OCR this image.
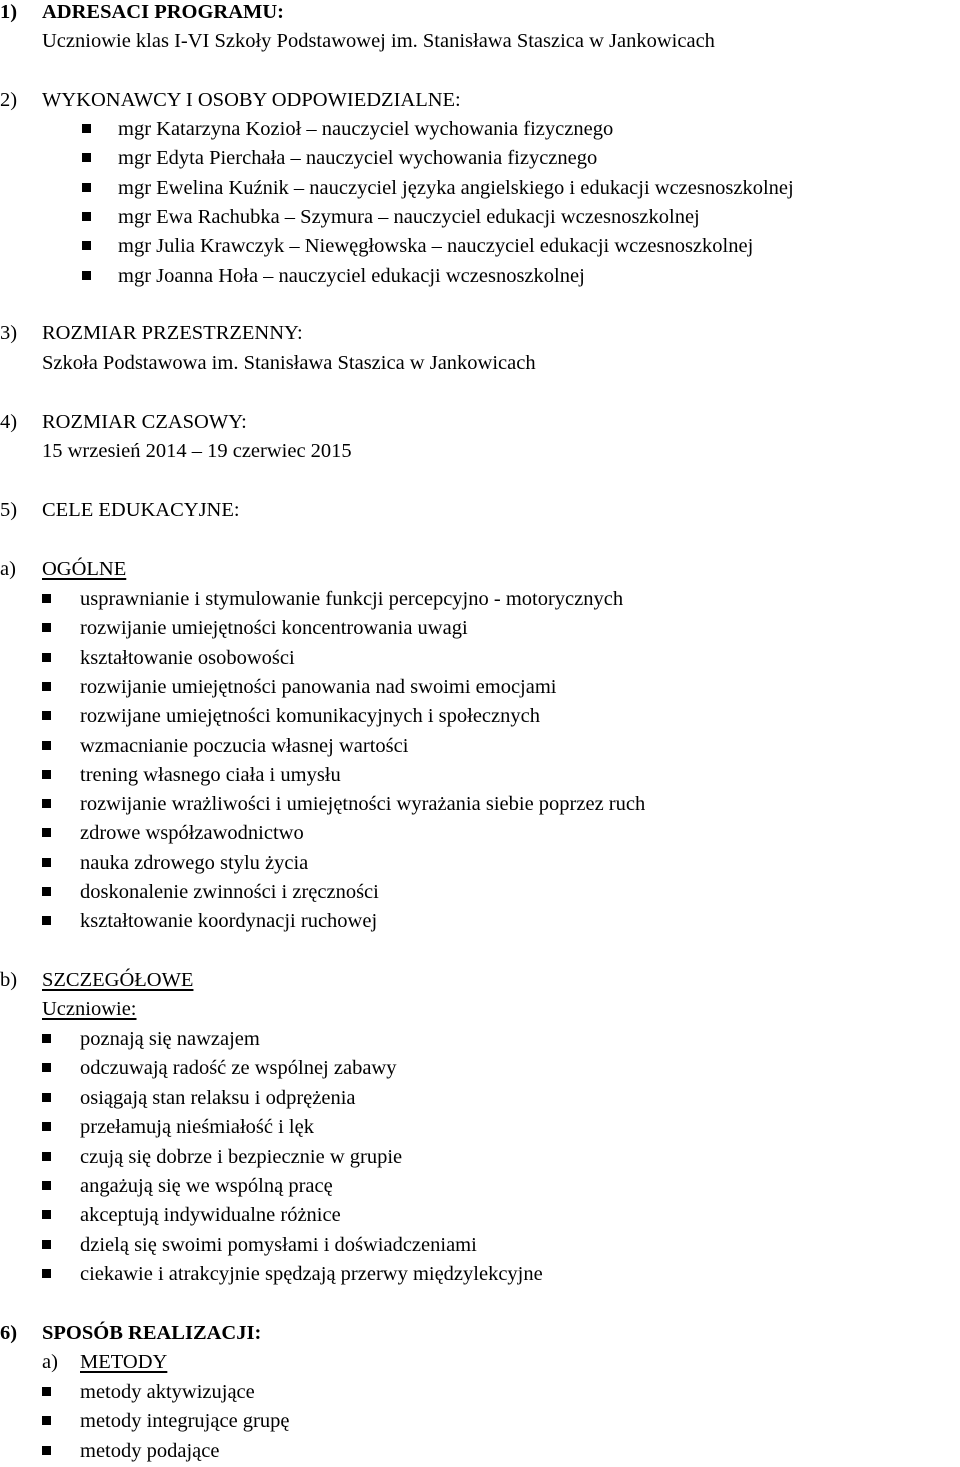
1) ADRESACI PROGRAMU:
Uczniowie klas I-VI Szkoły Podstawowej im. Stanisława Staszica w Jankowicach
2) WYKONAWCY I OSOBY ODPOWIEDZIALNE:
mgr Katarzyna Kozioł – nauczyciel wychowania fizycznego
mgr Edyta Pierchała – nauczyciel wychowania fizycznego
mgr Ewelina Kuźnik – nauczyciel języka angielskiego i edukacji wczesnoszkolnej
mgr Ewa Rachubka – Szymura – nauczyciel edukacji wczesnoszkolnej
mgr Julia Krawczyk – Niewęgłowska – nauczyciel edukacji wczesnoszkolnej
mgr Joanna Hoła – nauczyciel edukacji wczesnoszkolnej
3) ROZMIAR PRZESTRZENNY:
Szkoła Podstawowa im. Stanisława Staszica w Jankowicach
4) ROZMIAR CZASOWY:
15 wrzesień 2014 – 19 czerwiec 2015
5) CELE EDUKACYJNE:
a) OGÓLNE
usprawnianie i stymulowanie funkcji percepcyjno - motorycznych
rozwijanie umiejętności koncentrowania uwagi
kształtowanie osobowości
rozwijanie umiejętności panowania nad swoimi emocjami
rozwijane umiejętności komunikacyjnych i społecznych
wzmacnianie poczucia własnej wartości
trening własnego ciała i umysłu
rozwijanie wrażliwości i umiejętności wyrażania siebie poprzez ruch
zdrowe współzawodnictwo
nauka zdrowego stylu życia
doskonalenie zwinności i zręczności
kształtowanie koordynacji ruchowej
b) SZCZEGÓŁOWE
Uczniowie:
poznają się nawzajem
odczuwają radość ze wspólnej zabawy
osiągają stan relaksu i odprężenia
przełamują nieśmiałość i lęk
czują się dobrze i bezpiecznie w grupie
angażują się we wspólną pracę
akceptują indywidualne różnice
dzielą się swoimi pomysłami i doświadczeniami
ciekawie i atrakcyjnie spędzają przerwy międzylekcyjne
6) SPOSÓB REALIZACJI:
a) METODY
metody aktywizujące
metody integrujące grupę
metody podające
